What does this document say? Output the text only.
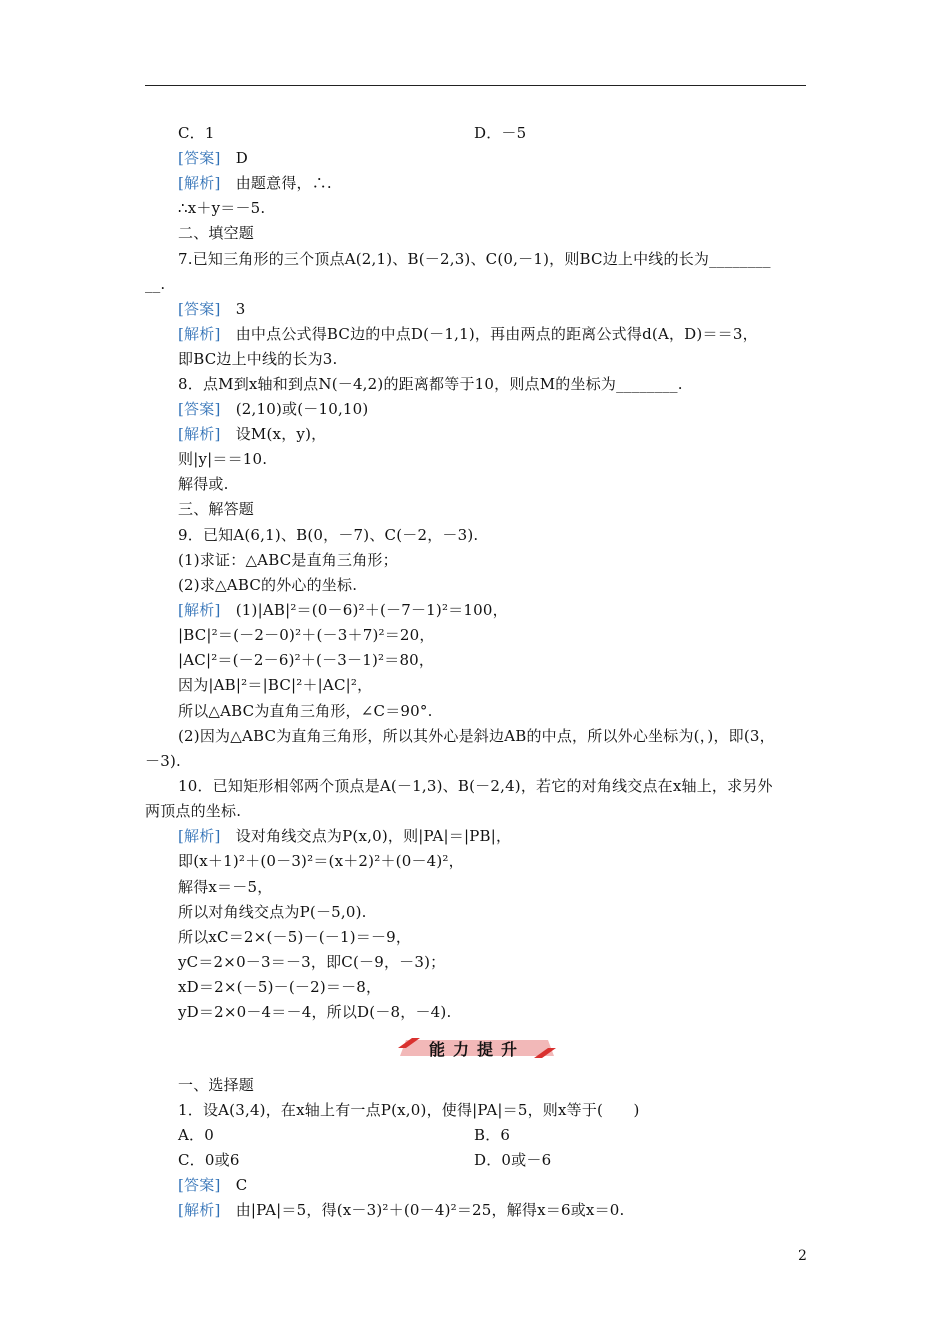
C．1	D．－5
[答案]　 D
[解析]　 由题意得，∴.
∴x＋y＝－5.
二、填空题
7.已知三角形的三个顶点A(2,1)、B(－2,3)、C(0,－1)，则BC边上中线的长为________
__.
[答案]　 3
[解析]　 由中点公式得BC边的中点D(－1,1)，再由两点的距离公式得d(A，D)＝＝3，
即BC边上中线的长为3.
8．点M到x轴和到点N(－4,2)的距离都等于10，则点M的坐标为________.
[答案]　 (2,10)或(－10,10)
[解析]　 设M(x，y)，
则|y|＝＝10.
解得或.
三、解答题
9．已知A(6,1)、B(0，－7)、C(－2，－3).
(1)求证：△ABC是直角三角形；
(2)求△ABC的外心的坐标.
[解析]　 (1)|AB|²＝(0－6)²＋(－7－1)²＝100，
|BC|²＝(－2－0)²＋(－3＋7)²＝20，
|AC|²＝(－2－6)²＋(－3－1)²＝80，
因为|AB|²＝|BC|²＋|AC|²，
所以△ABC为直角三角形，∠C＝90°.
(2)因为△ABC为直角三角形，所以其外心是斜边AB的中点，所以外心坐标为(，)，即(3，
－3).
10．已知矩形相邻两个顶点是A(－1,3)、B(－2,4)，若它的对角线交点在x轴上，求另外
两顶点的坐标.
[解析]　 设对角线交点为P(x,0)，则|PA|＝|PB|，
即(x＋1)²＋(0－3)²＝(x＋2)²＋(0－4)²，
解得x＝－5，
所以对角线交点为P(－5,0).
所以xC＝2×(－5)－(－1)＝－9，
yC＝2×0－3＝－3，即C(－9，－3)；
xD＝2×(－5)－(－2)＝－8，
yD＝2×0－4＝－4，所以D(－8，－4).
能力提升
一、选择题
1．设A(3,4)，在x轴上有一点P(x,0)，使得|PA|＝5，则x等于(　　)
A．0	B．6
C．0或6	D．0或－6
[答案]　 C
[解析]　 由|PA|＝5，得(x－3)²＋(0－4)²＝25，解得x＝6或x＝0.
2
